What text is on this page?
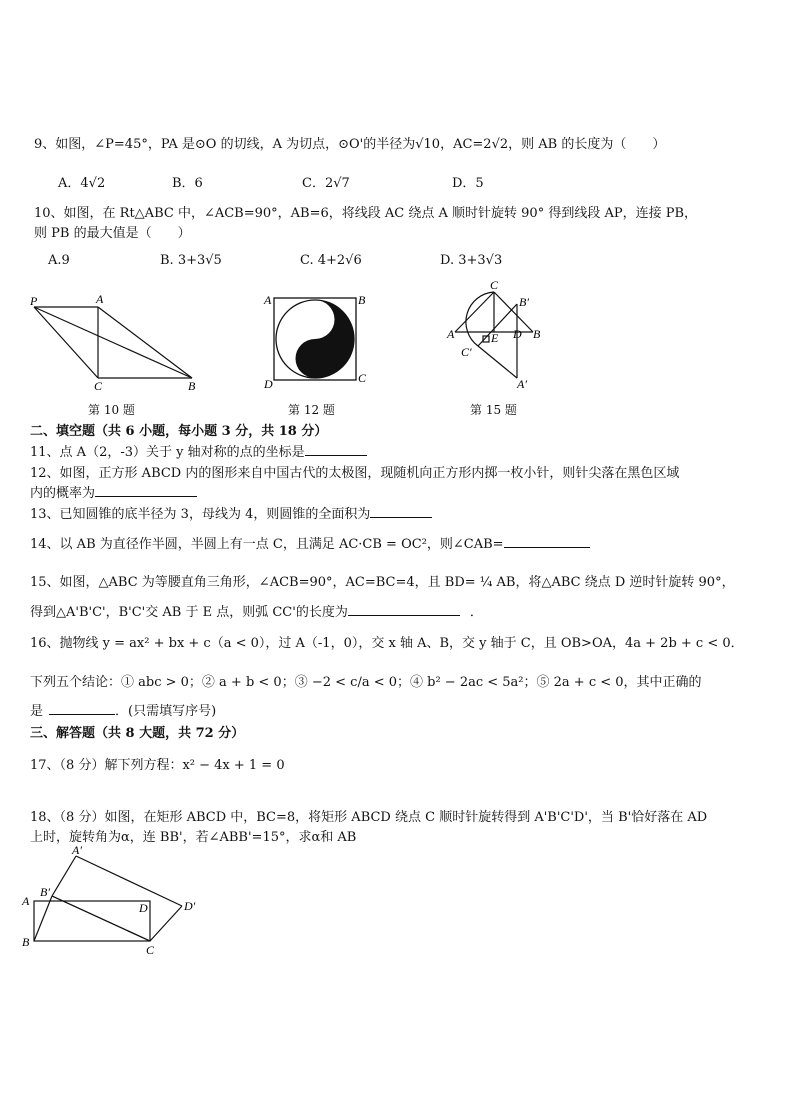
9、如图，∠P=45°，PA 是⊙O 的切线，A 为切点，⊙O'的半径为√10，AC=2√2，则 AB 的长度为（　　）
A．4√2	B．6	C．2√7	D．5
10、如图，在 Rt△ABC 中，∠ACB=90°，AB=6，将线段 AC 绕点 A 顺时针旋转 90° 得到线段 AP，连接 PB，
则 PB 的最大值是（　　）
A.9	B. 3+3√5	C. 4+2√6	D. 3+3√3
P	A
C	B
第 10 题
A	B
D	C
第 12 题
C
B′
A	E D B
C′
A′
第 15 题
二、填空题（共 6 小题，每小题 3 分，共 18 分）
11、点 A（2，-3）关于 y 轴对称的点的坐标是
12、如图，正方形 ABCD 内的图形来自中国古代的太极图，现随机向正方形内掷一枚小针，则针尖落在黑色区域
内的概率为
13、已知圆锥的底半径为 3，母线为 4，则圆锥的全面积为
14、以 AB 为直径作半圆，半圆上有一点 C，且满足 AC·CB = OC²，则∠CAB=
15、如图，△ABC 为等腰直角三角形，∠ACB=90°，AC=BC=4，且 BD= ¼ AB，将△ABC 绕点 D 逆时针旋转 90°，
得到△A'B'C'，B'C'交 AB 于 E 点，则弧 CC'的长度为	．
16、抛物线 y = ax² + bx + c（a < 0），过 A（-1，0），交 x 轴 A、B，交 y 轴于 C，且 OB>OA，4a + 2b + c < 0．
下列五个结论：① abc > 0；② a + b < 0；③ −2 < c/a < 0；④ b² − 2ac < 5a²；⑤ 2a + c < 0，其中正确的
是	．(只需填写序号)
三、解答题（共 8 大题，共 72 分）
17、（8 分）解下列方程：x² − 4x + 1 = 0
18、（8 分）如图，在矩形 ABCD 中，BC=8，将矩形 ABCD 绕点 C 顺时针旋转得到 A'B'C'D'，当 B'恰好落在 AD
上时，旋转角为α，连 BB'，若∠ABB'=15°，求α和 AB
A′
B′
A	D	D′
B
C
